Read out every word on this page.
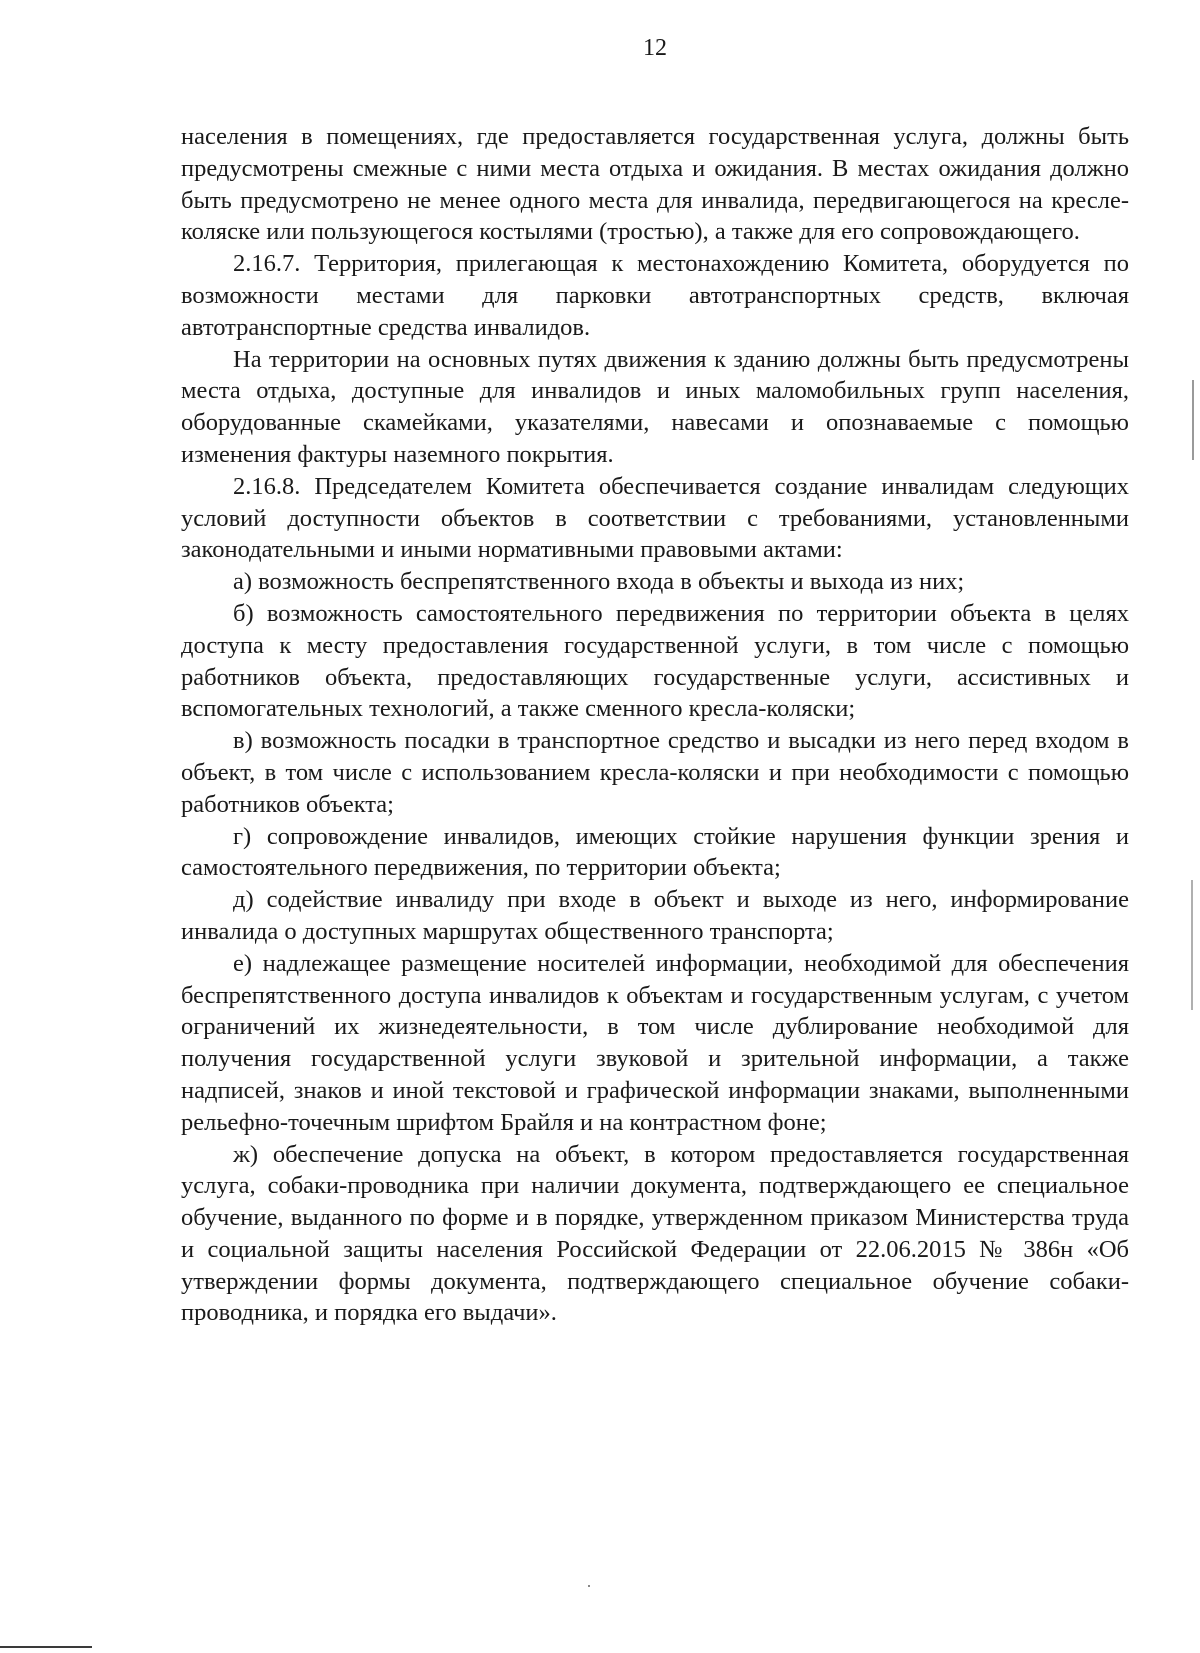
12

населения в помещениях, где предоставляется государственная услуга, должны быть предусмотрены смежные с ними места отдыха и ожидания. В местах ожидания должно быть предусмотрено не менее одного места для инвалида, передвигающегося на кресле-коляске или пользующегося костылями (тростью), а также для его сопровождающего.

2.16.7. Территория, прилегающая к местонахождению Комитета, оборудуется по возможности местами для парковки автотранспортных средств, включая автотранспортные средства инвалидов.

На территории на основных путях движения к зданию должны быть предусмотрены места отдыха, доступные для инвалидов и иных маломобильных групп населения, оборудованные скамейками, указателями, навесами и опознаваемые с помощью изменения фактуры наземного покрытия.

2.16.8. Председателем Комитета обеспечивается создание инвалидам следующих условий доступности объектов в соответствии с требованиями, установленными законодательными и иными нормативными правовыми актами:

а) возможность беспрепятственного входа в объекты и выхода из них;

б) возможность самостоятельного передвижения по территории объекта в целях доступа к месту предоставления государственной услуги, в том числе с помощью работников объекта, предоставляющих государственные услуги, ассистивных и вспомогательных технологий, а также сменного кресла-коляски;

в) возможность посадки в транспортное средство и высадки из него перед входом в объект, в том числе с использованием кресла-коляски и при необходимости с помощью работников объекта;

г) сопровождение инвалидов, имеющих стойкие нарушения функции зрения и самостоятельного передвижения, по территории объекта;

д) содействие инвалиду при входе в объект и выходе из него, информирование инвалида о доступных маршрутах общественного транспорта;

е) надлежащее размещение носителей информации, необходимой для обеспечения беспрепятственного доступа инвалидов к объектам и государственным услугам, с учетом ограничений их жизнедеятельности, в том числе дублирование необходимой для получения государственной услуги звуковой и зрительной информации, а также надписей, знаков и иной текстовой и графической информации знаками, выполненными рельефно-точечным шрифтом Брайля и на контрастном фоне;

ж) обеспечение допуска на объект, в котором предоставляется государственная услуга, собаки-проводника при наличии документа, подтверждающего ее специальное обучение, выданного по форме и в порядке, утвержденном приказом Министерства труда и социальной защиты населения Российской Федерации от 22.06.2015 № 386н «Об утверждении формы документа, подтверждающего специальное обучение собаки-проводника, и порядка его выдачи».
